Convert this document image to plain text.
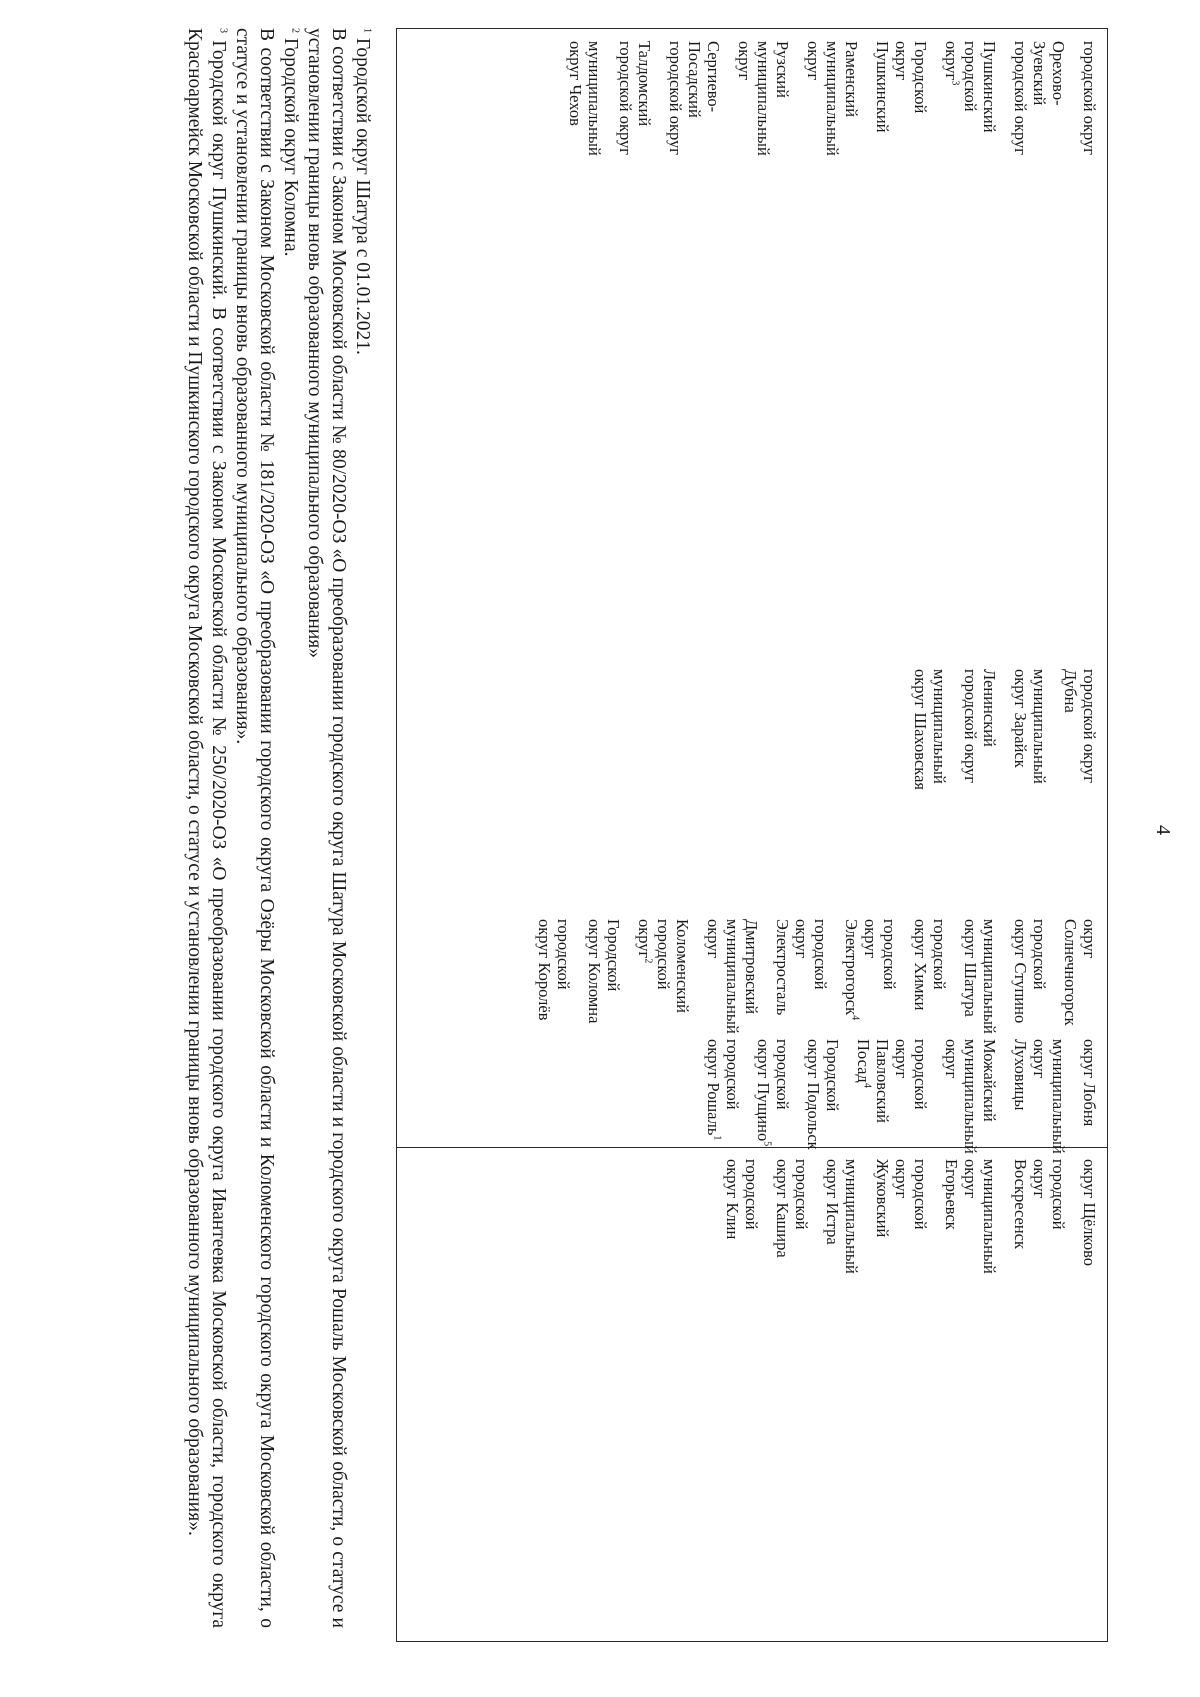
4
округ Щёлково
городской
округ
Воскресенск
муниципальный
округ
Егорьевск
городской
округ
Жуковский
муниципальный
округ Истра
городской
округ Кашира
городской
округ Клин
округ Лобня
муниципальный
округ
Луховицы
Можайский
муниципальный
округ
городской
округ
Павловский
Посад$^4$
Городской
округ Подольск
городской
округ Пущино$^5$
городской
округ Рошаль$^1$
округ
Солнечногорск
городской
округ Ступино
муниципальный
округ Шатура
городской
округ Химки
городской
округ
Электрогорск$^4$
городской
округ
Электросталь
Дмитровский
муниципальный
округ
Коломенский
городской
округ$^2$
Городской
округ Коломна
городской
округ Королёв
городской округ
Дубна
муниципальный
округ Зарайск
Ленинский
городской округ
муниципальный
округ Шаховская
городской округ
Орехово-
Зуевский
городской округ
Пушкинский
городской
округ$^3$
Городской
округ
Пушкинский
Раменский
муниципальный
округ
Рузский
муниципальный
округ
Сергиево-
Посадский
городской округ
Талдомский
городской округ
муниципальный
округ Чехов

$^1$ Городской округ Шатура с 01.01.2021.

В соответствии с Законом Московской области № 80/2020-ОЗ «О преобразовании городского округа Шатура Московской области и городского округа Рошаль Московской области, о статусе и установлении границы вновь образованного муниципального образования»

$^2$ Городской округ Коломна.

В соответствии с Законом Московской области № 181/2020-ОЗ «О преобразовании городского округа Озёры Московской области и Коломенского городского округа Московской области, о статусе и установлении границы вновь образованного муниципального образования».

$^3$ Городской округ Пушкинский. В соответствии с Законом Московской области № 250/2020-ОЗ «О преобразовании городского округа Ивантеевка Московской области, городского округа Красноармейск Московской области и Пушкинского городского округа Московской области, о статусе и установлении границы вновь образованного муниципального образования».
